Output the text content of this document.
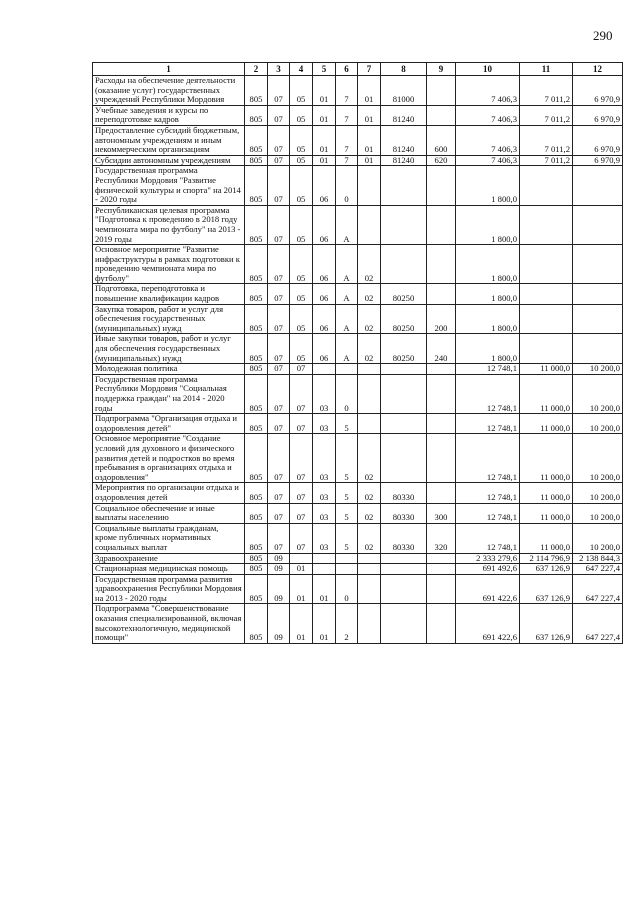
290
1	2	3	4	5	6	7	8	9	10	11	12
Расходы на обеспечение деятельности (оказание услуг) государственных учреждений Республики Мордовия	805	07	05	01	7	01	81000		7 406,3	7 011,2	6 970,9
Учебные заведения и курсы по переподготовке кадров	805	07	05	01	7	01	81240		7 406,3	7 011,2	6 970,9
Предоставление субсидий бюджетным, автономным учреждениям и иным некоммерческим организациям	805	07	05	01	7	01	81240	600	7 406,3	7 011,2	6 970,9
Субсидии автономным учреждениям	805	07	05	01	7	01	81240	620	7 406,3	7 011,2	6 970,9
Государственная программа Республики Мордовия "Развитие физической культуры и спорта" на 2014 - 2020 годы	805	07	05	06	0				1 800,0		
Республиканская целевая программа "Подготовка к проведению в 2018 году чемпионата мира по футболу" на 2013 - 2019 годы	805	07	05	06	А				1 800,0		
Основное мероприятие "Развитие инфраструктуры в рамках подготовки к проведению чемпионата мира по футболу"	805	07	05	06	А	02			1 800,0		
Подготовка, переподготовка и повышение квалификации кадров	805	07	05	06	А	02	80250		1 800,0		
Закупка товаров, работ и услуг для обеспечения государственных (муниципальных) нужд	805	07	05	06	А	02	80250	200	1 800,0		
Иные закупки товаров, работ и услуг для обеспечения государственных (муниципальных) нужд	805	07	05	06	А	02	80250	240	1 800,0		
Молодежная политика	805	07	07						12 748,1	11 000,0	10 200,0
Государственная программа Республики Мордовия "Социальная поддержка граждан" на 2014 - 2020 годы	805	07	07	03	0				12 748,1	11 000,0	10 200,0
Подпрограмма "Организация отдыха и оздоровления детей"	805	07	07	03	5				12 748,1	11 000,0	10 200,0
Основное мероприятие "Создание условий для духовного и физического развития детей и подростков во время пребывания в организациях отдыха и оздоровления"	805	07	07	03	5	02			12 748,1	11 000,0	10 200,0
Мероприятия по организации отдыха и оздоровления детей	805	07	07	03	5	02	80330		12 748,1	11 000,0	10 200,0
Социальное обеспечение и иные выплаты населению	805	07	07	03	5	02	80330	300	12 748,1	11 000,0	10 200,0
Социальные выплаты гражданам, кроме публичных нормативных социальных выплат	805	07	07	03	5	02	80330	320	12 748,1	11 000,0	10 200,0
Здравоохранение	805	09							2 333 279,6	2 114 796,9	2 138 844,3
Стационарная медицинская помощь	805	09	01						691 492,6	637 126,9	647 227,4
Государственная программа развития здравоохранения Республики Мордовия на 2013 - 2020 годы	805	09	01	01	0				691 422,6	637 126,9	647 227,4
Подпрограмма "Совершенствование оказания специализированной, включая высокотехнологичную, медицинской помощи"	805	09	01	01	2				691 422,6	637 126,9	647 227,4
